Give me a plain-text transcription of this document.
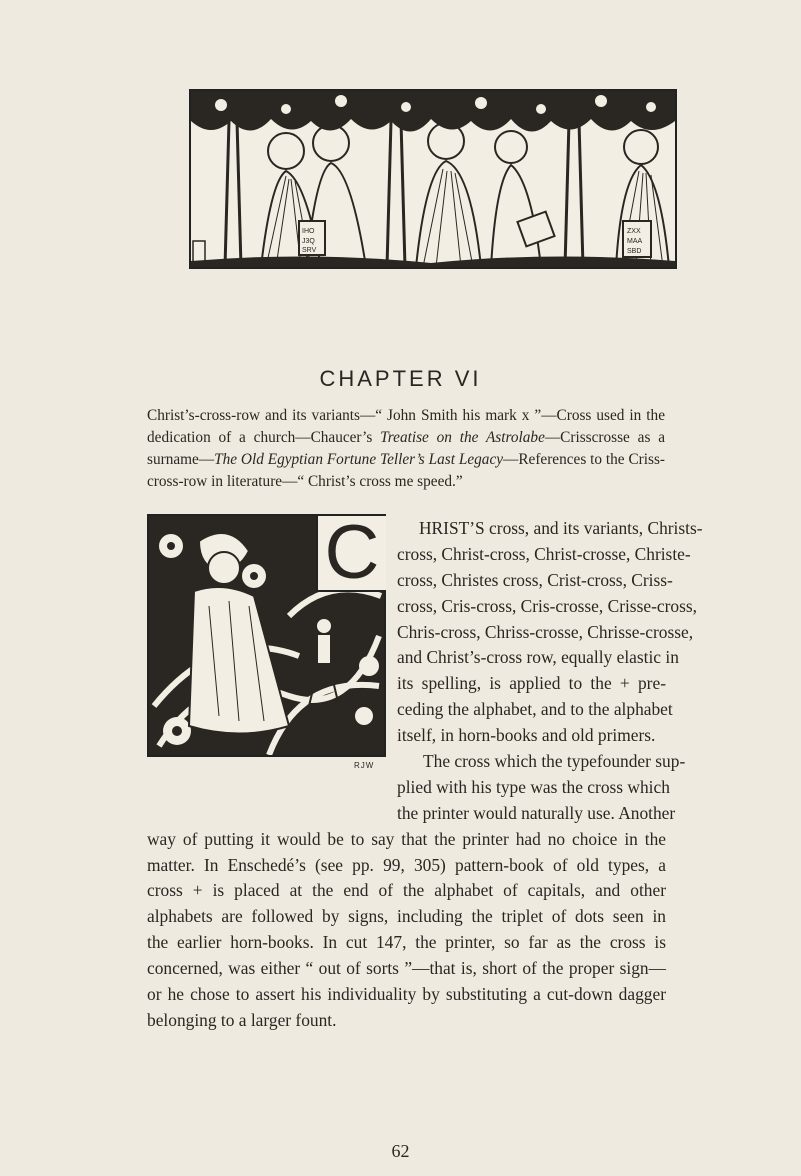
IHO
J3Q
SRV
ZXX
MAA
SBD
CHAPTER VI

Christ’s-cross-row and its variants—“ John Smith his mark x ”—Cross used in the dedication of a church—Chaucer’s Treatise on the Astrolabe—Crisscrosse as a surname—The Old Egyptian Fortune Teller’s Last Legacy—References to the Criss-cross-row in literature—“ Christ’s cross me speed.”

C
RJW
HRIST’S cross, and its variants, Christs-
cross, Christ-cross, Christ-crosse, Christe-
cross, Christes cross, Crist-cross, Criss-
cross, Cris-cross, Cris-crosse, Crisse-cross,
Chris-cross, Chriss-crosse, Chrisse-crosse,
and Christ’s-cross row, equally elastic in
its spelling, is applied to the + pre-
ceding the alphabet, and to the alphabet
itself, in horn-books and old primers.
The cross which the typefounder sup-
plied with his type was the cross which
the printer would naturally use. Another
way of putting it would be to say that the printer had no choice in the
matter. In Enschedé’s (see pp. 99, 305) pattern-book of old types, a
cross + is placed at the end of the alphabet of capitals, and other
alphabets are followed by signs, including the triplet of dots seen in
the earlier horn-books. In cut 147, the printer, so far as the cross is
concerned, was either “ out of sorts ”—that is, short of the proper sign—
or he chose to assert his individuality by substituting a cut-down dagger
belonging to a larger fount.
62
